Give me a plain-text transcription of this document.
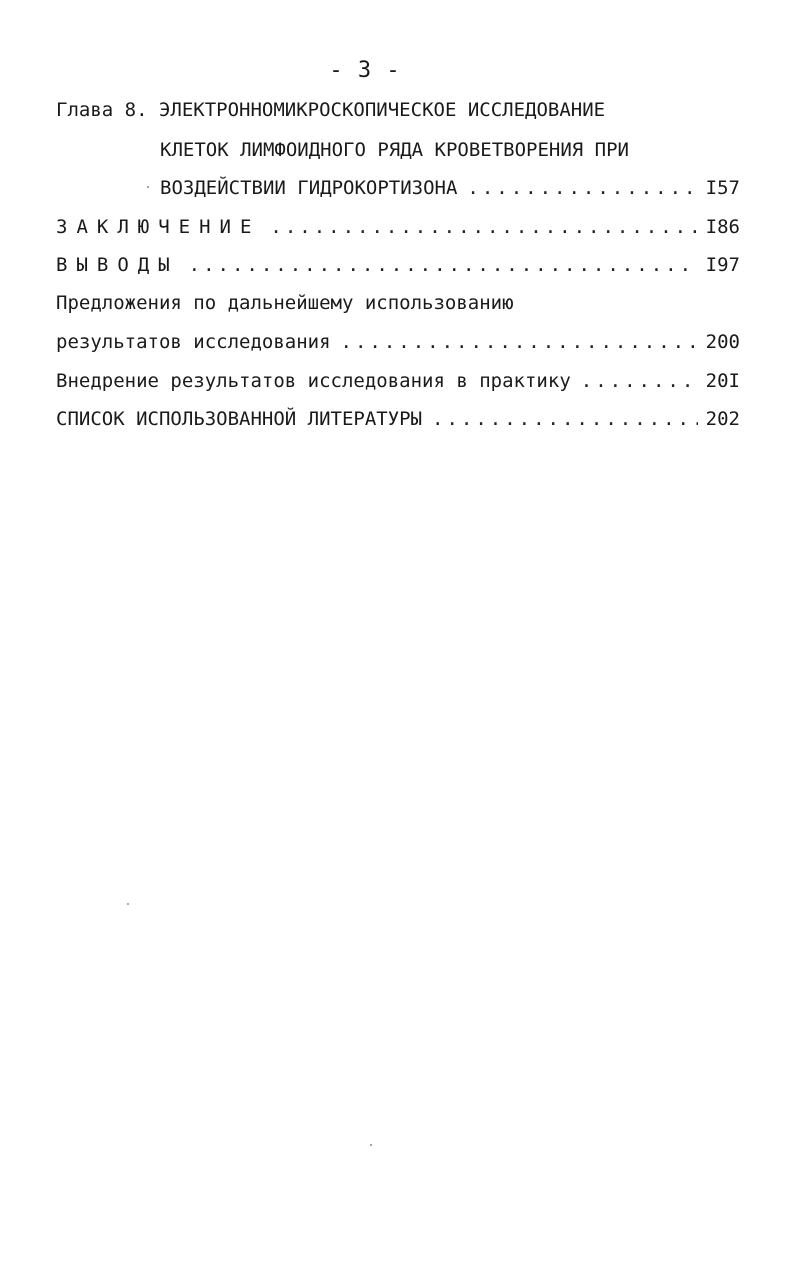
- 3 -
Глава 8. ЭЛЕКТРОННОМИКРОСКОПИЧЕСКОЕ ИССЛЕДОВАНИЕ
КЛЕТОК ЛИМФОИДНОГО РЯДА КРОВЕТВОРЕНИЯ ПРИ
ВОЗДЕЙСТВИИ ГИДРОКОРТИЗОНА .....	I57
ЗАКЛЮЧЕНИЕ .....	I86
ВЫВОДЫ .....	I97
Предложения по дальнейшему использованию
результатов исследования .....	200
Внедрение результатов исследования в практику .....	20I
СПИСОК ИСПОЛЬЗОВАННОЙ ЛИТЕРАТУРЫ .....	202
